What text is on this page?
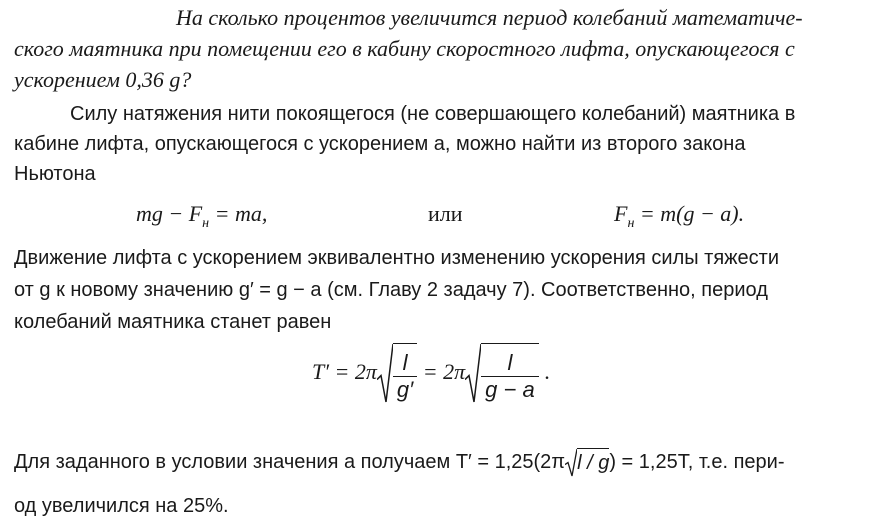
На сколько процентов увеличится период колебаний математиче-
ского маятника при помещении его в кабину скоростного лифта, опускающегося с
ускорением 0,36 g?
Силу натяжения нити покоящегося (не совершающего колебаний) маятника в
кабине лифта, опускающегося с ускорением a, можно найти из второго закона
Ньютона
mg − $F_н$ = ma,	или	$F_н = m(g - a)$.
Движение лифта с ускорением эквивалентно изменению ускорения силы тяжести
от g к новому значению g′ = g − a (см. Главу 2 задачу 7). Соответственно, период
колебаний маятника станет равен
$T' = 2\pi \frac{l}{g'} = 2\pi \frac{l}{g - a}$ .
Для заданного в условии значения a получаем T′ = 1,25(2π l / g) = 1,25T, т.е. пери-
од увеличился на 25%.
